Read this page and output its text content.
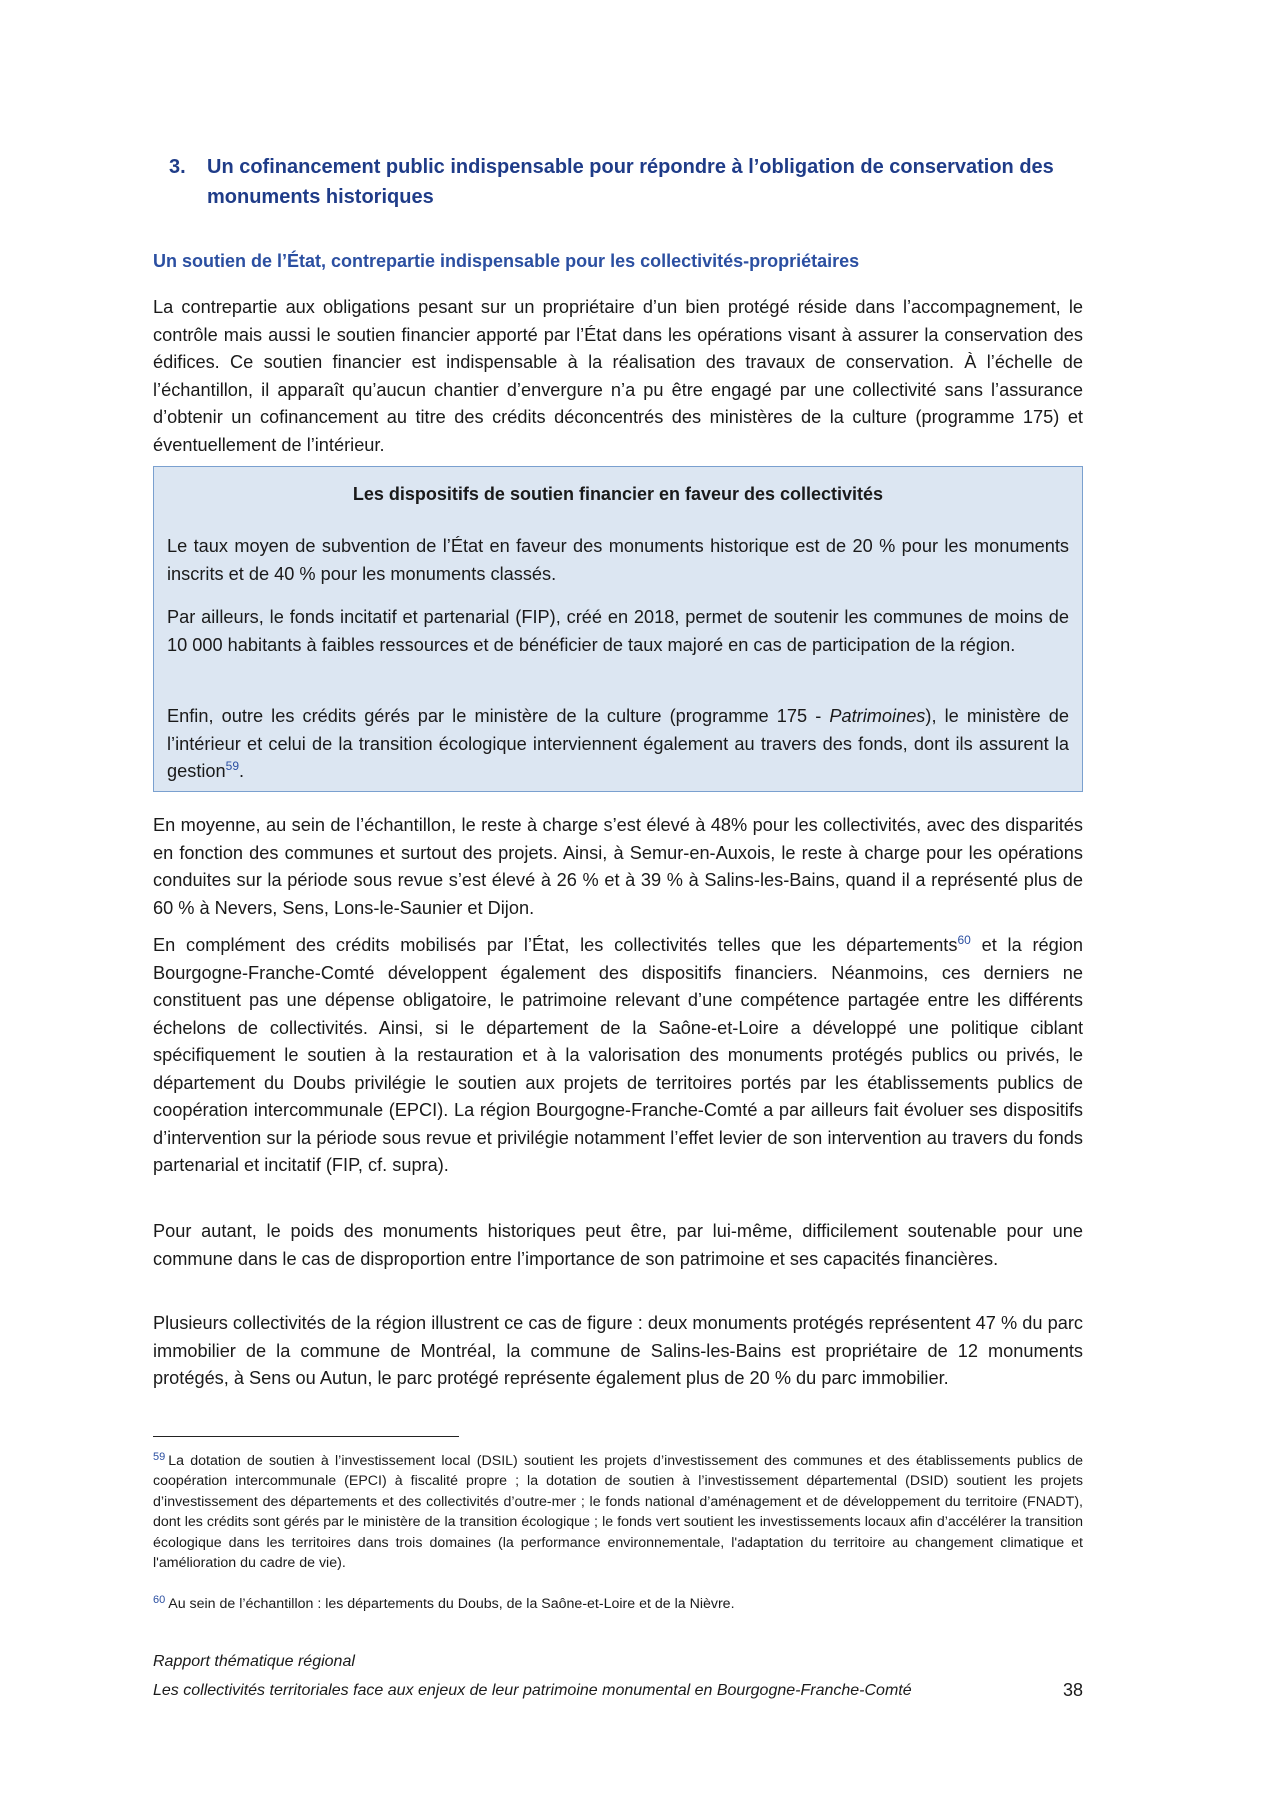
3. Un cofinancement public indispensable pour répondre à l’obligation de conservation des monuments historiques
Un soutien de l’État, contrepartie indispensable pour les collectivités-propriétaires

La contrepartie aux obligations pesant sur un propriétaire d’un bien protégé réside dans l’accompagnement, le contrôle mais aussi le soutien financier apporté par l’État dans les opérations visant à assurer la conservation des édifices. Ce soutien financier est indispensable à la réalisation des travaux de conservation. À l’échelle de l’échantillon, il apparaît qu’aucun chantier d’envergure n’a pu être engagé par une collectivité sans l’assurance d’obtenir un cofinancement au titre des crédits déconcentrés des ministères de la culture (programme 175) et éventuellement de l’intérieur.

Les dispositifs de soutien financier en faveur des collectivités

Le taux moyen de subvention de l’État en faveur des monuments historique est de 20 % pour les monuments inscrits et de 40 % pour les monuments classés.

Par ailleurs, le fonds incitatif et partenarial (FIP), créé en 2018, permet de soutenir les communes de moins de 10 000 habitants à faibles ressources et de bénéficier de taux majoré en cas de participation de la région.

Enfin, outre les crédits gérés par le ministère de la culture (programme 175 - Patrimoines), le ministère de l’intérieur et celui de la transition écologique interviennent également au travers des fonds, dont ils assurent la gestion$^{59}$.

En moyenne, au sein de l’échantillon, le reste à charge s’est élevé à 48% pour les collectivités, avec des disparités en fonction des communes et surtout des projets. Ainsi, à Semur-en-Auxois, le reste à charge pour les opérations conduites sur la période sous revue s’est élevé à 26 % et à 39 % à Salins-les-Bains, quand il a représenté plus de 60 % à Nevers, Sens, Lons-le-Saunier et Dijon.

En complément des crédits mobilisés par l’État, les collectivités telles que les départements$^{60}$ et la région Bourgogne-Franche-Comté développent également des dispositifs financiers. Néanmoins, ces derniers ne constituent pas une dépense obligatoire, le patrimoine relevant d’une compétence partagée entre les différents échelons de collectivités. Ainsi, si le département de la Saône-et-Loire a développé une politique ciblant spécifiquement le soutien à la restauration et à la valorisation des monuments protégés publics ou privés, le département du Doubs privilégie le soutien aux projets de territoires portés par les établissements publics de coopération intercommunale (EPCI). La région Bourgogne-Franche-Comté a par ailleurs fait évoluer ses dispositifs d’intervention sur la période sous revue et privilégie notamment l’effet levier de son intervention au travers du fonds partenarial et incitatif (FIP, cf. supra).

Pour autant, le poids des monuments historiques peut être, par lui-même, difficilement soutenable pour une commune dans le cas de disproportion entre l’importance de son patrimoine et ses capacités financières.

Plusieurs collectivités de la région illustrent ce cas de figure : deux monuments protégés représentent 47 % du parc immobilier de la commune de Montréal, la commune de Salins-les-Bains est propriétaire de 12 monuments protégés, à Sens ou Autun, le parc protégé représente également plus de 20 % du parc immobilier.

$^{59}$ La dotation de soutien à l’investissement local (DSIL) soutient les projets d’investissement des communes et des établissements publics de coopération intercommunale (EPCI) à fiscalité propre ; la dotation de soutien à l’investissement départemental (DSID) soutient les projets d’investissement des départements et des collectivités d’outre-mer ; le fonds national d’aménagement et de développement du territoire (FNADT), dont les crédits sont gérés par le ministère de la transition écologique ; le fonds vert soutient les investissements locaux afin d’accélérer la transition écologique dans les territoires dans trois domaines (la performance environnementale, l'adaptation du territoire au changement climatique et l'amélioration du cadre de vie).

$^{60}$ Au sein de l’échantillon : les départements du Doubs, de la Saône-et-Loire et de la Nièvre.

Rapport thématique régional
Les collectivités territoriales face aux enjeux de leur patrimoine monumental en Bourgogne-Franche-Comté	38
